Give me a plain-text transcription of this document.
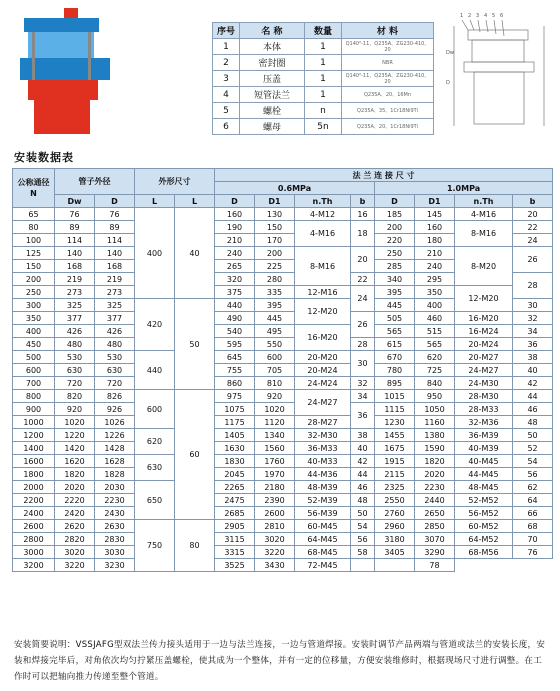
序号	名 称	数量	材 料
1	本体	1	Q140⁰-11、Q235A、ZG230-410、20
2	密封圈	1	NBR
3	压盖	1	Q140⁰-11、Q235A、ZG230-410、20
4	短管法兰	1	Q235A、20、16Mn
5	螺栓	n	Q235A、35、1Cr18Ni9Ti
6	螺母	5n	Q235A、20、1Cr18Ni9Ti
1 2 3 4 5 6
Dw
D
安装数据表
公称通径
N	管子外径		外形尺寸		法 兰 连 接 尺 寸							
					0.6MPa				1.0MPa			
	Dw	D	L	L	D	D1	n.Th	b	D	D1	n.Th	b
65	76	76	400	40	160	130	4-M12	16	185	145	4-M16	20
80	89	89			190	150	4-M16	18	200	160	8-M16	22
100	114	114			210	170			220	180		24
125	140	140			240	200	8-M16	20	250	210	8-M20	26
150	168	168			265	225			285	240		
200	219	219			320	280		22	340	295		28
250	273	273			375	335	12-M16	24	395	350	12-M20	
300	325	325	420	50	440	395	12-M20		445	400		30
350	377	377			490	445		26	505	460	16-M20	32
400	426	426			540	495	16-M20		565	515	16-M24	34
450	480	480			595	550		28	615	565	20-M24	36
500	530	530	440		645	600	20-M20	30	670	620	20-M27	38
600	630	630			755	705	20-M24		780	725	24-M27	40
700	720	720			860	810	24-M24	32	895	840	24-M30	42
800	820	826	600	60	975	920	24-M27	34	1015	950	28-M30	44
900	920	926			1075	1020		36	1115	1050	28-M33	46
1000	1020	1026			1175	1120	28-M27		1230	1160	32-M36	48
1200	1220	1226	620		1405	1340	32-M30	38	1455	1380	36-M39	50
1400	1420	1428			1630	1560	36-M33	40	1675	1590	40-M39	52
1600	1620	1628	630		1830	1760	40-M33	42	1915	1820	40-M45	54
1800	1820	1828			2045	1970	44-M36	44	2115	2020	44-M45	56
2000	2020	2030	650		2265	2180	48-M39	46	2325	2230	48-M45	62
2200	2220	2230			2475	2390	52-M39	48	2550	2440	52-M52	64
2400	2420	2430			2685	2600	56-M39	50	2760	2650	56-M52	66
2600	2620	2630	750	80	2905	2810	60-M45	54	2960	2850	60-M52	68
2800	2820	2830			3115	3020	64-M45	56	3180	3070	64-M52	70
3000	3020	3030			3315	3220	68-M45	58	3405	3290	68-M56	76
3200	3220	3230			3525	3430	72-M45			78		
安装简要说明：VSSJAFG型双法兰传力接头适用于一边与法兰连接，一边与管道焊接。安装时调节产品两端与管道或法兰的安装长度，安装和焊接完毕后，对角依次均匀拧紧压盖螺栓，使其成为一个整体，并有一定的位移量，方便安装维修时，根据现场尺寸进行调整。在工作时可以把轴向推力传递至整个管道。
